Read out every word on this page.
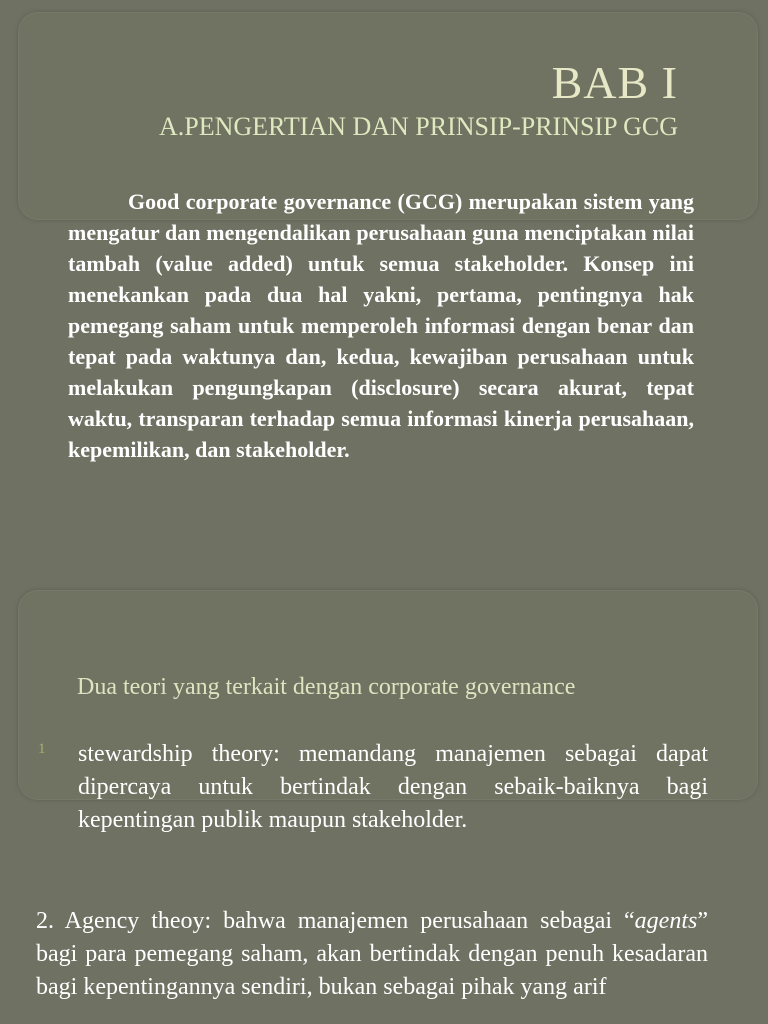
BAB I
A.PENGERTIAN DAN PRINSIP-PRINSIP GCG

Good corporate governance (GCG) merupakan sistem yang mengatur dan mengendalikan perusahaan guna menciptakan nilai tambah (value added) untuk semua stakeholder. Konsep ini menekankan pada dua hal yakni, pertama, pentingnya hak pemegang saham untuk memperoleh informasi dengan benar dan tepat pada waktunya dan, kedua, kewajiban perusahaan untuk melakukan pengungkapan (disclosure) secara akurat, tepat waktu, transparan terhadap semua informasi kinerja perusahaan, kepemilikan, dan stakeholder.

Dua teori yang terkait dengan corporate governance
1	stewardship theory: memandang manajemen sebagai dapat dipercaya untuk bertindak dengan sebaik-baiknya bagi kepentingan publik maupun stakeholder.

2. Agency theoy: bahwa manajemen perusahaan sebagai “agents” bagi para pemegang saham, akan bertindak dengan penuh kesadaran bagi kepentingannya sendiri, bukan sebagai pihak yang arif
